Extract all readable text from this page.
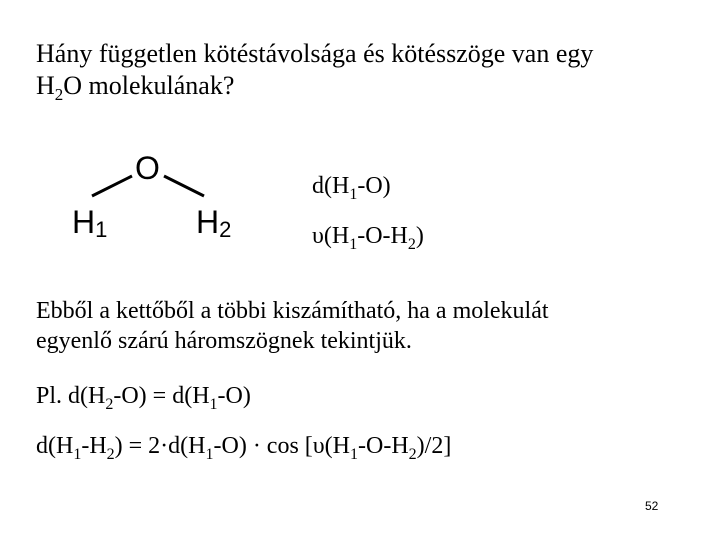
Hány független kötéstávolsága és kötésszöge van egy
$H_2O$ molekulának?
O
$H_1$	$H_2$
$d(H_1-O)$
$\upsilon(H_1-O-H_2)$

Ebből a kettőből a többi kiszámítható, ha a molekulát
egyenlő szárú háromszögnek tekintjük.

Pl. $d(H_2-O) = d(H_1-O)$

$d(H_1-H_2) = 2\cdot d(H_1-O) \cdot \cos [\upsilon(H_1-O-H_2)/2]$

52
